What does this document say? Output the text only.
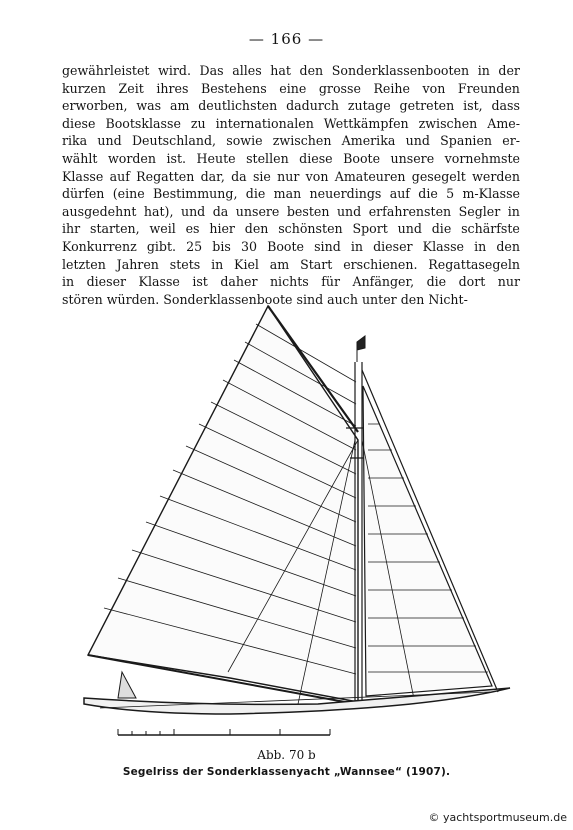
— 166 —
gewährleistet wird. Das alles hat den Sonderklassenbooten in der
kurzen Zeit ihres Bestehens eine grosse Reihe von Freunden
erworben, was am deutlichsten dadurch zutage getreten ist, dass
diese Bootsklasse zu internationalen Wettkämpfen zwischen Ame-
rika und Deutschland, sowie zwischen Amerika und Spanien er-
wählt worden ist. Heute stellen diese Boote unsere vornehmste
Klasse auf Regatten dar, da sie nur von Amateuren gesegelt werden
dürfen (eine Bestimmung, die man neuerdings auf die 5 m-Klasse
ausgedehnt hat), und da unsere besten und erfahrensten Segler in
ihr starten, weil es hier den schönsten Sport und die schärfste
Konkurrenz gibt. 25 bis 30 Boote sind in dieser Klasse in den
letzten Jahren stets in Kiel am Start erschienen. Regattasegeln
in dieser Klasse ist daher nichts für Anfänger, die dort nur
stören würden. Sonderklassenboote sind auch unter den Nicht-
Abb. 70 b
Segelriss der Sonderklassenyacht „Wannsee“ (1907).
© yachtsportmuseum.de
